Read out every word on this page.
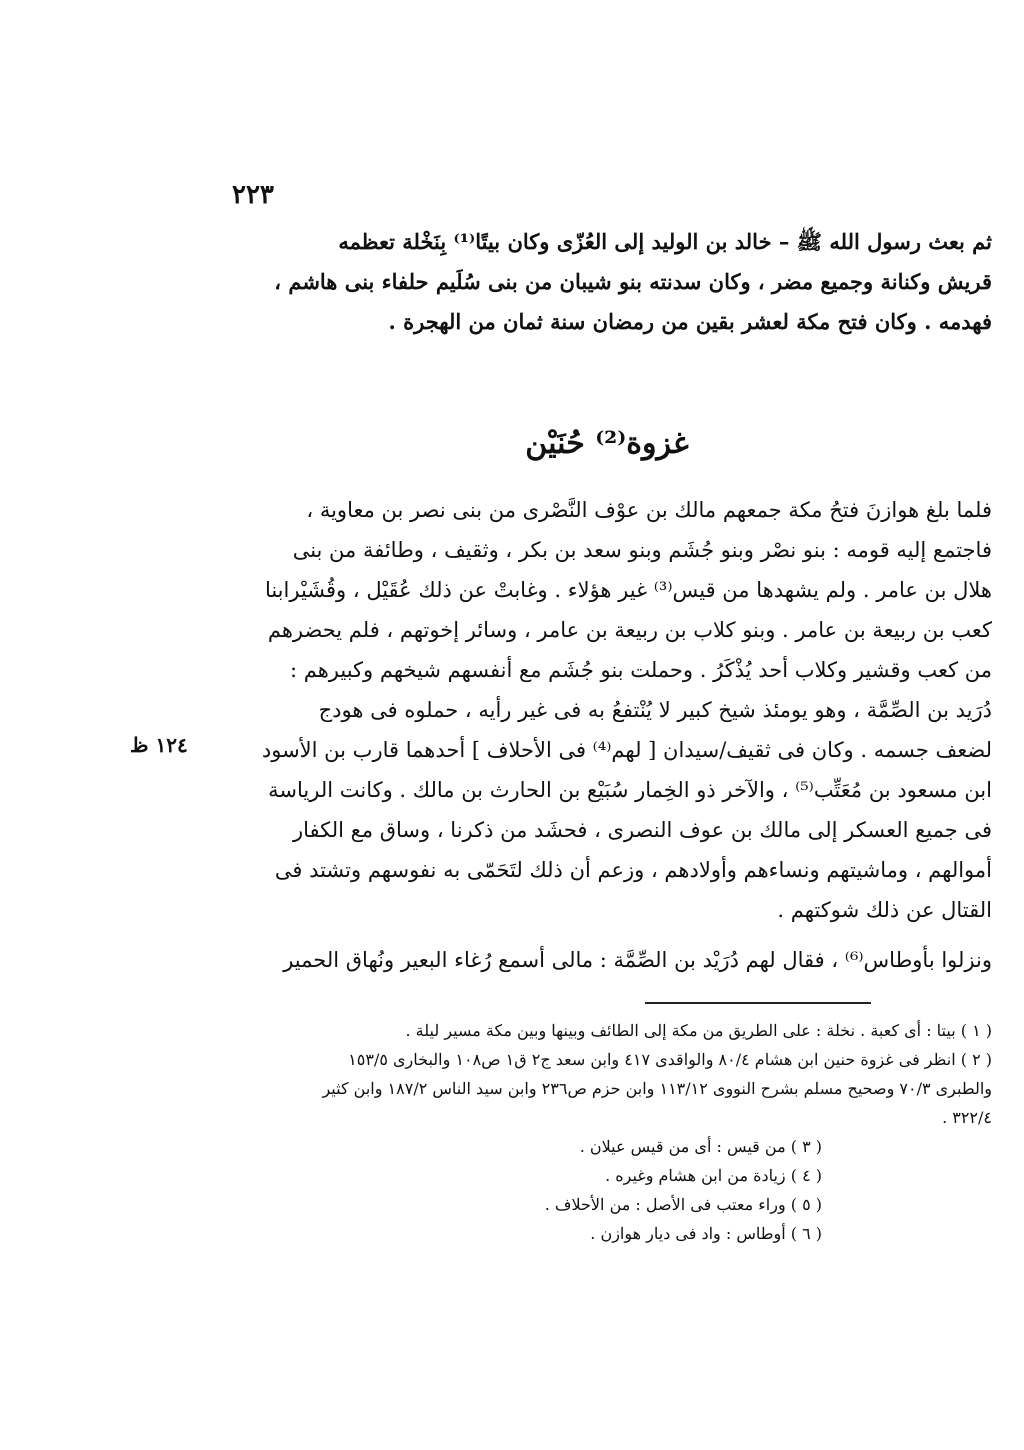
٢٢٣
ثم بعث رسول الله ﷺ – خالد بن الوليد إلى العُزّى وكان بيتًا⁽¹⁾ بِنَخْلة تعظمه
قريش وكنانة وجميع مضر ، وكان سدنته بنو شيبان من بنى سُلَيم حلفاء بنى هاشم ،
فهدمه . وكان فتح مكة لعشر بقين من رمضان سنة ثمان من الهجرة .
غزوة⁽²⁾ حُنَيْن
فلما بلغ هوازنَ فتحُ مكة جمعهم مالك بن عوْف النَّصْرى من بنى نصر بن معاوية ،
فاجتمع إليه قومه : بنو نصْر وبنو جُشَم وبنو سعد بن بكر ، وثقيف ، وطائفة من بنى
هلال بن عامر . ولم يشهدها من قيس⁽³⁾ غير هؤلاء . وغابتْ عن ذلك عُقَيْل ، وقُشَيْرابنا
كعب بن ربيعة بن عامر . وبنو كلاب بن ربيعة بن عامر ، وسائر إخوتهم ، فلم يحضرهم
من كعب وقشير وكلاب أحد يُذْكَرُ . وحملت بنو جُشَم مع أنفسهم شيخهم وكبيرهم :
دُرَيد بن الصِّمَّة ، وهو يومئذ شيخ كبير لا يُنْتفعُ به فى غير رأيه ، حملوه فى هودج
لضعف جسمه . وكان فى ثقيف/سيدان [ لهم⁽⁴⁾ فى الأحلاف ] أحدهما قارب بن الأسود
ابن مسعود بن مُعَتِّب⁽⁵⁾ ، والآخر ذو الخِمار سُبَيْع بن الحارث بن مالك . وكانت الرياسة
فى جميع العسكر إلى مالك بن عوف النصرى ، فحشَد من ذكرنا ، وساق مع الكفار
أموالهم ، وماشيتهم ونساءهم وأولادهم ، وزعم أن ذلك لتَحَمّى به نفوسهم وتشتد فى
القتال عن ذلك شوكتهم .
ونزلوا بأوطاس⁽⁶⁾ ، فقال لهم دُرَيْد بن الصِّمَّة : مالى أسمع رُغاء البعير ونُهاق الحمير
١٢٤ ظ
( ١ ) بيتا : أى كعبة . نخلة : على الطريق من مكة إلى الطائف وبينها وبين مكة مسير ليلة .
( ٢ ) انظر فى غزوة حنين ابن هشام ٨٠/٤ والواقدى ٤١٧ وابن سعد ج٢ ق١ ص١٠٨ والبخارى ١٥٣/٥
والطبرى ٧٠/٣ وصحيح مسلم بشرح النووى ١١٣/١٢ وابن حزم ص٢٣٦ وابن سيد الناس ١٨٧/٢ وابن كثير
٣٢٢/٤ .
( ٣ ) من قيس : أى من قيس عيلان .
( ٤ ) زيادة من ابن هشام وغيره .
( ٥ ) وراء معتب فى الأصل : من الأحلاف .
( ٦ ) أوطاس : واد فى ديار هوازن .
